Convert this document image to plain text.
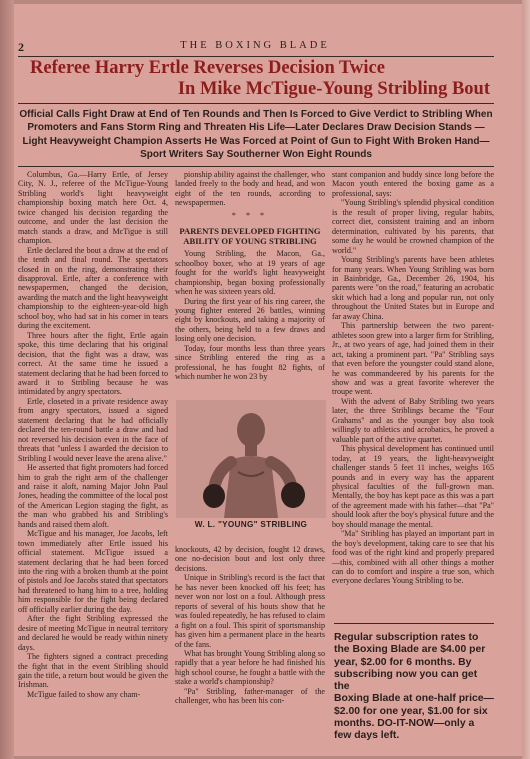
2	THE BOXING BLADE
Referee Harry Ertle Reverses Decision Twice
In Mike McTigue-Young Stribling Bout
Official Calls Fight Draw at End of Ten Rounds and Then Is Forced to Give Verdict to Stribling When Promoters and Fans Storm Ring and Threaten His Life—Later Declares Draw Decision Stands —Light Heavyweight Champion Asserts He Was Forced at Point of Gun to Fight With Broken Hand—Sport Writers Say Southerner Won Eight Rounds

Columbus, Ga.—Harry Ertle, of Jersey City, N. J., referee of the McTigue-Young Stribling world's light heavyweight championship boxing match here Oct. 4, twice changed his decision regarding the outcome, and under the last decision the match stands a draw, and McTigue is still champion.

Ertle declared the bout a draw at the end of the tenth and final round. The spectators closed in on the ring, demonstrating their disapproval. Ertle, after a conference with newspapermen, changed the decision, awarding the match and the light heavyweight championship to the eighteen-year-old high school boy, who had sat in his corner in tears during the excitement.

Three hours after the fight, Ertle again spoke, this time declaring that his original decision, that the fight was a draw, was correct. At the same time he issued a statement declaring that he had been forced to award it to Stribling because he was intimidated by angry spectators.

Ertle, closeted in a private residence away from angry spectators, issued a signed statement declaring that he had officially declared the ten-round battle a draw and had not reversed his decision even in the face of threats that "unless I awarded the decision to Stribling I would never leave the arena alive."

He asserted that fight promoters had forced him to grab the right arm of the challenger and raise it aloft, naming Major John Paul Jones, heading the committee of the local post of the American Legion staging the fight, as the man who grabbed his and Stribling's hands and raised them aloft.

McTigue and his manager, Joe Jacobs, left town immediately after Ertle issued his official statement. McTigue issued a statement declaring that he had been forced into the ring with a broken thumb at the point of pistols and Joe Jacobs stated that spectators had threatened to hang him to a tree, holding him responsible for the fight being declared off officially earlier during the day.

After the fight Stribling expressed the desire of meeting McTigue in neutral territory and declared he would be ready within ninety days.

The fighters signed a contract preceding the fight that in the event Stribling should gain the title, a return bout would be given the Irishman.

McTigue failed to show any cham-

pionship ability against the challenger, who landed freely to the body and head, and won eight of the ten rounds, according to newspapermen.

* * *

PARENTS DEVELOPED FIGHTING ABILITY OF YOUNG STRIBLING

Young Stribling, the Macon, Ga., schoolboy boxer, who at 19 years of age fought for the world's light heavyweight championship, began boxing professionally when he was sixteen years old.

During the first year of his ring career, the young fighter entered 26 battles, winning eight by knockouts, and taking a majority of the others, being held to a few draws and losing only one decision.

Today, four months less than three years since Stribling entered the ring as a professional, he has fought 82 fights, of which number he won 23 by

W. L. "YOUNG" STRIBLING

knockouts, 42 by decision, fought 12 draws, one no-decision bout and lost only three decisions.

Unique in Stribling's record is the fact that he has never been knocked off his feet; has never won nor lost on a foul. Although press reports of several of his bouts show that he was fouled repeatedly, he has refused to claim a fight on a foul. This spirit of sportsmanship has given him a permanent place in the hearts of the fans.

What has brought Young Stribling along so rapidly that a year before he had finished his high school course, he fought a battle with the stake a world's championship?

"Pa" Stribling, father-manager of the challenger, who has been his con-

stant companion and buddy since long before the Macon youth entered the boxing game as a professional, says:

"Young Stribling's splendid physical condition is the result of proper living, regular habits, correct diet, consistent training and an inborn determination, cultivated by his parents, that some day he would be crowned champion of the world."

Young Stribling's parents have been athletes for many years. When Young Stribling was born in Bainbridge, Ga., December 26, 1904, his parents were "on the road," featuring an acrobatic skit which had a long and popular run, not only throughout the United States but in Europe and far away China.

This partnership between the two parent-athletes soon grew into a larger firm for Stribling, Jr., at two years of age, had joined them in their act, taking a prominent part. "Pa" Stribling says that even before the youngster could stand alone, he was commandeered by his parents for the show and was a great favorite wherever the troupe went.

With the advent of Baby Stribling two years later, the three Striblings became the "Four Grahams" and as the younger boy also took willingly to athletics and acrobatics, he proved a valuable part of the active quartet.

This physical development has continued until today, at 19 years, the light-heavyweight challenger stands 5 feet 11 inches, weighs 165 pounds and in every way has the apparent physical faculties of the full-grown man. Mentally, the boy has kept pace as this was a part of the agreement made with his father—that "Pa" should look after the boy's physical future and the boy should manage the mental.

"Ma" Stribling has played an important part in the boy's development, taking care to see that his food was of the right kind and properly prepared—this, combined with all other things a mother can do to comfort and inspire a true son, which everyone declares Young Stribling to be.

Regular subscription rates to
the Boxing Blade are $4.00 per
year, $2.00 for 6 months. By
subscribing now you can get the
Boxing Blade at one-half price—
$2.00 for one year, $1.00 for six
months. DO-IT-NOW—only a
few days left.
